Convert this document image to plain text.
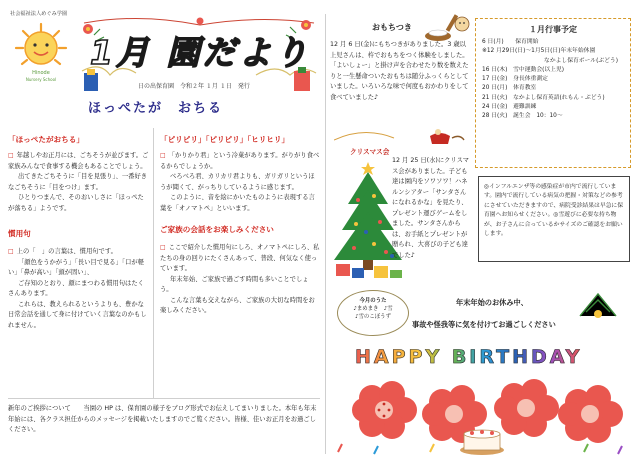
社会福祉法人めぐみ学園
Hinode
Nursery School
1月 園だより
日の出保育園　令和２年 １月 １日　発行
ほっぺたが　おちる
「ほっぺたがおちる」
□ 年越しやお正月には、ごちそうが並びます。ご家族みんなで食事する機会もあることでしょう。
出てきたごちそうに「目を見張り」、一番好きなごちそうに「目をつけ」ます。
ひとりつまんで、そのおいしさに「ほっぺたが落ちる」ようです。
慣用句
□ 上の「　」の言葉は、慣用句です。
「顔色をうかがう」「長い目で見る」「口が軽い」「鼻が高い」「頭が固い」、
ご存知のとおり、顔にまつわる慣用句はたくさんあります。
これらは、教えられるというよりも、豊かな日常会話を通して身に付けていく言葉なのかもしれません。
「ピリピリ」「ピリピリ」「ヒリヒリ」
□ 「かりかり君」という冷菓があります。がりがり食べるからでしょうか。
べろべろ君、カリカリ君よりも、ガリガリというほうが聞くて、がっちりしているように感じます。
このように、音を絵にかいたものように表現する言葉を「オノマトペ」といいます。
ご家族の会話をお楽しみください
□ ここで紹介した慣用句にしろ、オノマトペにしろ、私たちの身の回りにたくさんあって、普段、何気なく使っています。
年末年始、ご家族で過ごす時間も多いことでしょう。
こんな言葉も交えながら、ご家族の大切な時間をお楽しみください。
新年のご挨拶について　　当園の HP は、保育園の様子をブログ形式でお伝えしてまいりました。本年も年末年始には、各クラス担任からのメッセージを掲載いたしますのでご覧ください。皆様、佳いお正月をお過ごしください。
おもちつき
12 月 6 日(金)にもちつきがありました。3 歳以上児さんは、杵でおもちをつく体験をしました。「よいしょー」と掛け声を合わせたり数を数えたりと一生懸命ついたおもちは随分ふっくらとしていました。いろいろな味で何度もおかわりをして食べていました♪
クリスマス会
12 月 25 日(水)にクリスマス会がありました。子ども達は園内をソワソワ！ハネルンシアター「サンタさんになれるかな」を見たり、プレゼント運びゲームをしました。サンタさんからは、お手紙とプレゼントが贈られ、大喜びの子ども達でした♪
１月行事予定
6 日(月)　　保育開始
※12 月29日(日)～1月5日(日)年末年始休園
なかよし保育ボール(ぶどう)
16 日(木)　雪中運動会(以上児)
17 日(金)　身長体重測定
20 日(月)　体育教室
21 日(火)　なかよし保育英語(れもん・ぶどう)
24 日(金)　避難訓練
28 日(火)　誕生会　10：10～
◎インフルエンザ等の感染症が市内で流行しています。園内で流行している病気の把握・対策などの参考にさせていただきますので、病院受診結果は早急に保育園へお知らせください。◎雪遊びに必要な持ち物が、お子さんに合っているかサイズのご確認をお願いします。
今月のうた
♪まめまき　♪雪
♪雪のこぼうず
年末年始のお休み中、
事故や怪我等に気を付けてお過ごしください
HAPPY BIRTHDAY
